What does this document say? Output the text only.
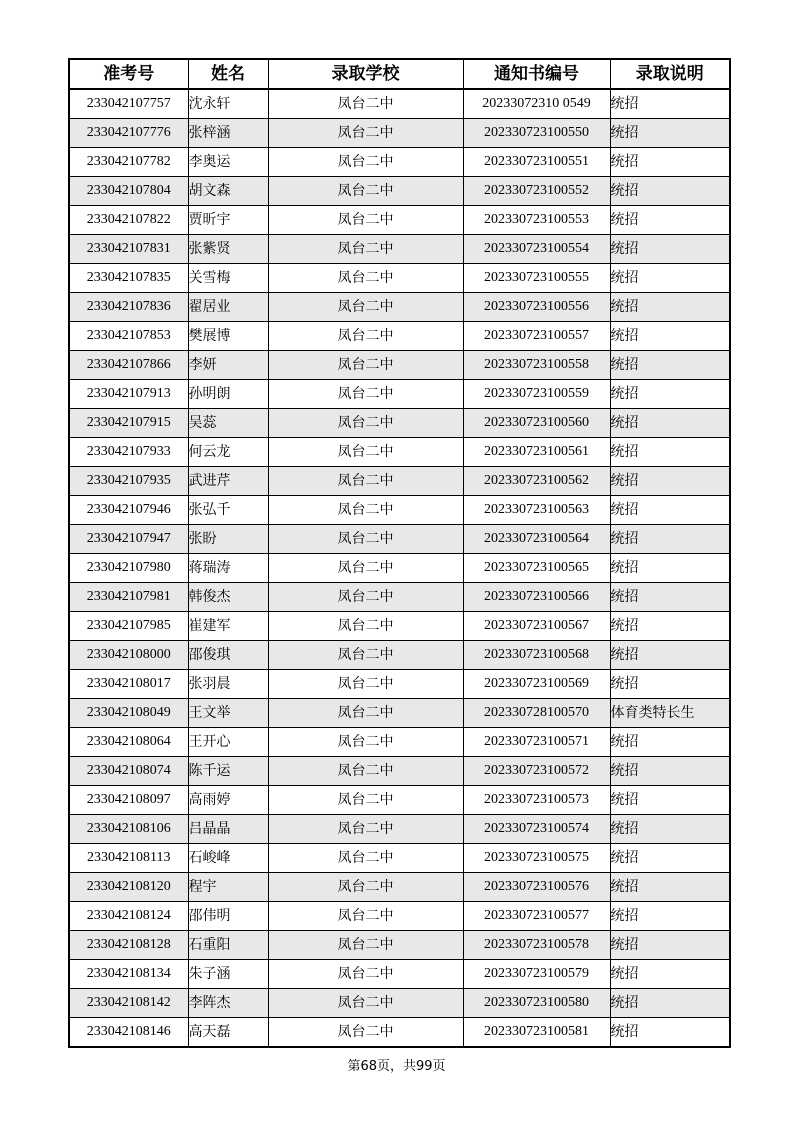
准考号	姓名	录取学校	通知书编号	录取说明
233042107757	沈永轩	凤台二中	20233072310 0549	统招
233042107776	张梓涵	凤台二中	202330723100550	统招
233042107782	李奥运	凤台二中	202330723100551	统招
233042107804	胡文森	凤台二中	202330723100552	统招
233042107822	贾昕宇	凤台二中	202330723100553	统招
233042107831	张紫贤	凤台二中	202330723100554	统招
233042107835	关雪梅	凤台二中	202330723100555	统招
233042107836	翟居业	凤台二中	202330723100556	统招
233042107853	樊展博	凤台二中	202330723100557	统招
233042107866	李妍	凤台二中	202330723100558	统招
233042107913	孙明朗	凤台二中	202330723100559	统招
233042107915	吴蕊	凤台二中	202330723100560	统招
233042107933	何云龙	凤台二中	202330723100561	统招
233042107935	武进芹	凤台二中	202330723100562	统招
233042107946	张弘千	凤台二中	202330723100563	统招
233042107947	张盼	凤台二中	202330723100564	统招
233042107980	蒋瑞涛	凤台二中	202330723100565	统招
233042107981	韩俊杰	凤台二中	202330723100566	统招
233042107985	崔建军	凤台二中	202330723100567	统招
233042108000	邵俊琪	凤台二中	202330723100568	统招
233042108017	张羽晨	凤台二中	202330723100569	统招
233042108049	王文举	凤台二中	202330728100570	体育类特长生
233042108064	王开心	凤台二中	202330723100571	统招
233042108074	陈千运	凤台二中	202330723100572	统招
233042108097	高雨婷	凤台二中	202330723100573	统招
233042108106	吕晶晶	凤台二中	202330723100574	统招
233042108113	石峻峰	凤台二中	202330723100575	统招
233042108120	程宇	凤台二中	202330723100576	统招
233042108124	邵伟明	凤台二中	202330723100577	统招
233042108128	石重阳	凤台二中	202330723100578	统招
233042108134	朱子涵	凤台二中	202330723100579	统招
233042108142	李阵杰	凤台二中	202330723100580	统招
233042108146	高天磊	凤台二中	202330723100581	统招
第68页，共99页
